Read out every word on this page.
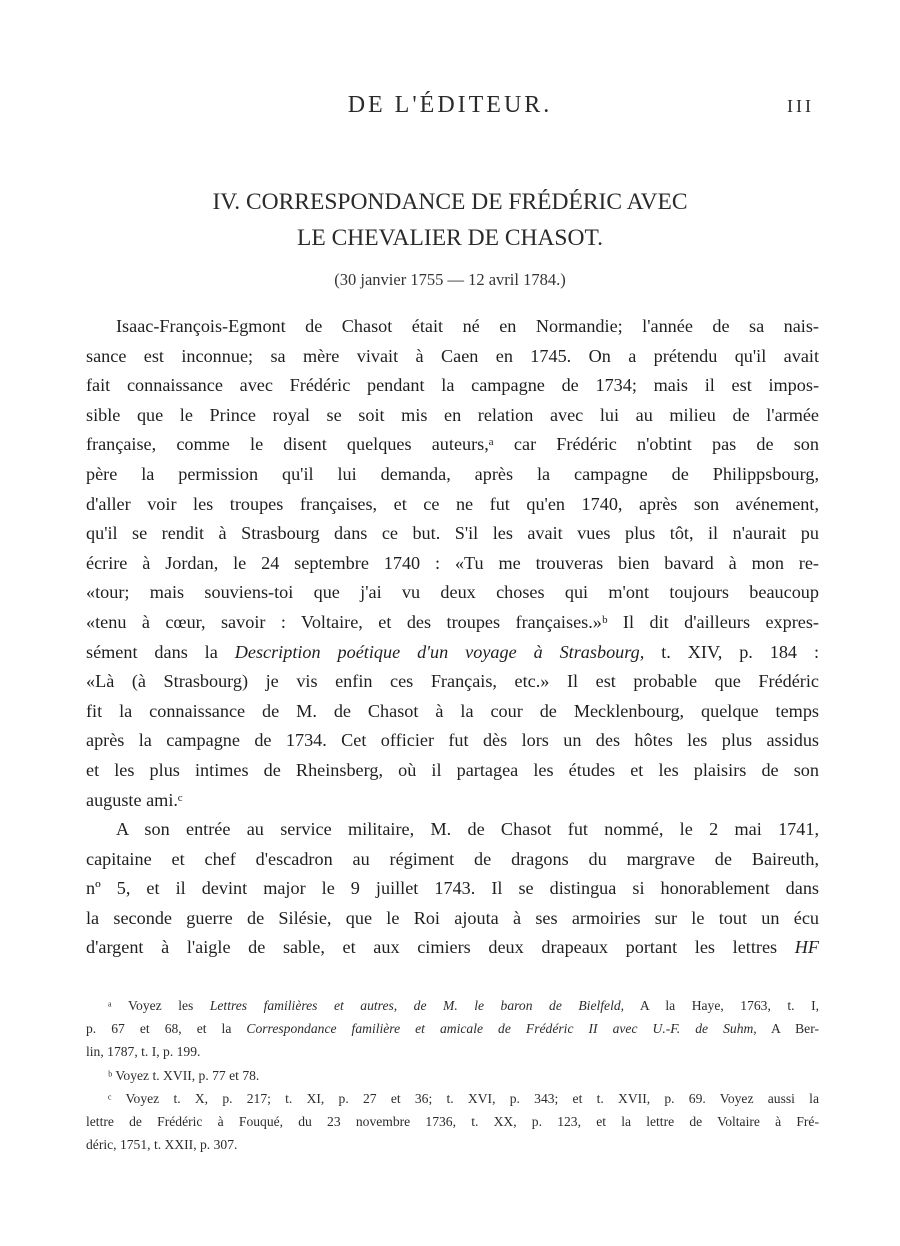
DE L'ÉDITEUR.	III
IV. CORRESPONDANCE DE FRÉDÉRIC AVEC
LE CHEVALIER DE CHASOT.
(30 janvier 1755 — 12 avril 1784.)
Isaac-François-Egmont de Chasot était né en Normandie; l'année de sa nais-
sance est inconnue; sa mère vivait à Caen en 1745. On a prétendu qu'il avait
fait connaissance avec Frédéric pendant la campagne de 1734; mais il est impos-
sible que le Prince royal se soit mis en relation avec lui au milieu de l'armée
française, comme le disent quelques auteurs,ᵃ car Frédéric n'obtint pas de son
père la permission qu'il lui demanda, après la campagne de Philippsbourg,
d'aller voir les troupes françaises, et ce ne fut qu'en 1740, après son avénement,
qu'il se rendit à Strasbourg dans ce but. S'il les avait vues plus tôt, il n'aurait pu
écrire à Jordan, le 24 septembre 1740 : «Tu me trouveras bien bavard à mon re-
«tour; mais souviens-toi que j'ai vu deux choses qui m'ont toujours beaucoup
«tenu à cœur, savoir : Voltaire, et des troupes françaises.»ᵇ Il dit d'ailleurs expres-
sément dans la Description poétique d'un voyage à Strasbourg, t. XIV, p. 184 :
«Là (à Strasbourg) je vis enfin ces Français, etc.» Il est probable que Frédéric
fit la connaissance de M. de Chasot à la cour de Mecklenbourg, quelque temps
après la campagne de 1734. Cet officier fut dès lors un des hôtes les plus assidus
et les plus intimes de Rheinsberg, où il partagea les études et les plaisirs de son
auguste ami.ᶜ
A son entrée au service militaire, M. de Chasot fut nommé, le 2 mai 1741,
capitaine et chef d'escadron au régiment de dragons du margrave de Baireuth,
nº 5, et il devint major le 9 juillet 1743. Il se distingua si honorablement dans
la seconde guerre de Silésie, que le Roi ajouta à ses armoiries sur le tout un écu
d'argent à l'aigle de sable, et aux cimiers deux drapeaux portant les lettres HF
ᵃ Voyez les Lettres familières et autres, de M. le baron de Bielfeld, A la Haye, 1763, t. I,
p. 67 et 68, et la Correspondance familière et amicale de Frédéric II avec U.-F. de Suhm, A Ber-
lin, 1787, t. I, p. 199.
ᵇ Voyez t. XVII, p. 77 et 78.
ᶜ Voyez t. X, p. 217; t. XI, p. 27 et 36; t. XVI, p. 343; et t. XVII, p. 69. Voyez aussi la
lettre de Frédéric à Fouqué, du 23 novembre 1736, t. XX, p. 123, et la lettre de Voltaire à Fré-
déric, 1751, t. XXII, p. 307.
